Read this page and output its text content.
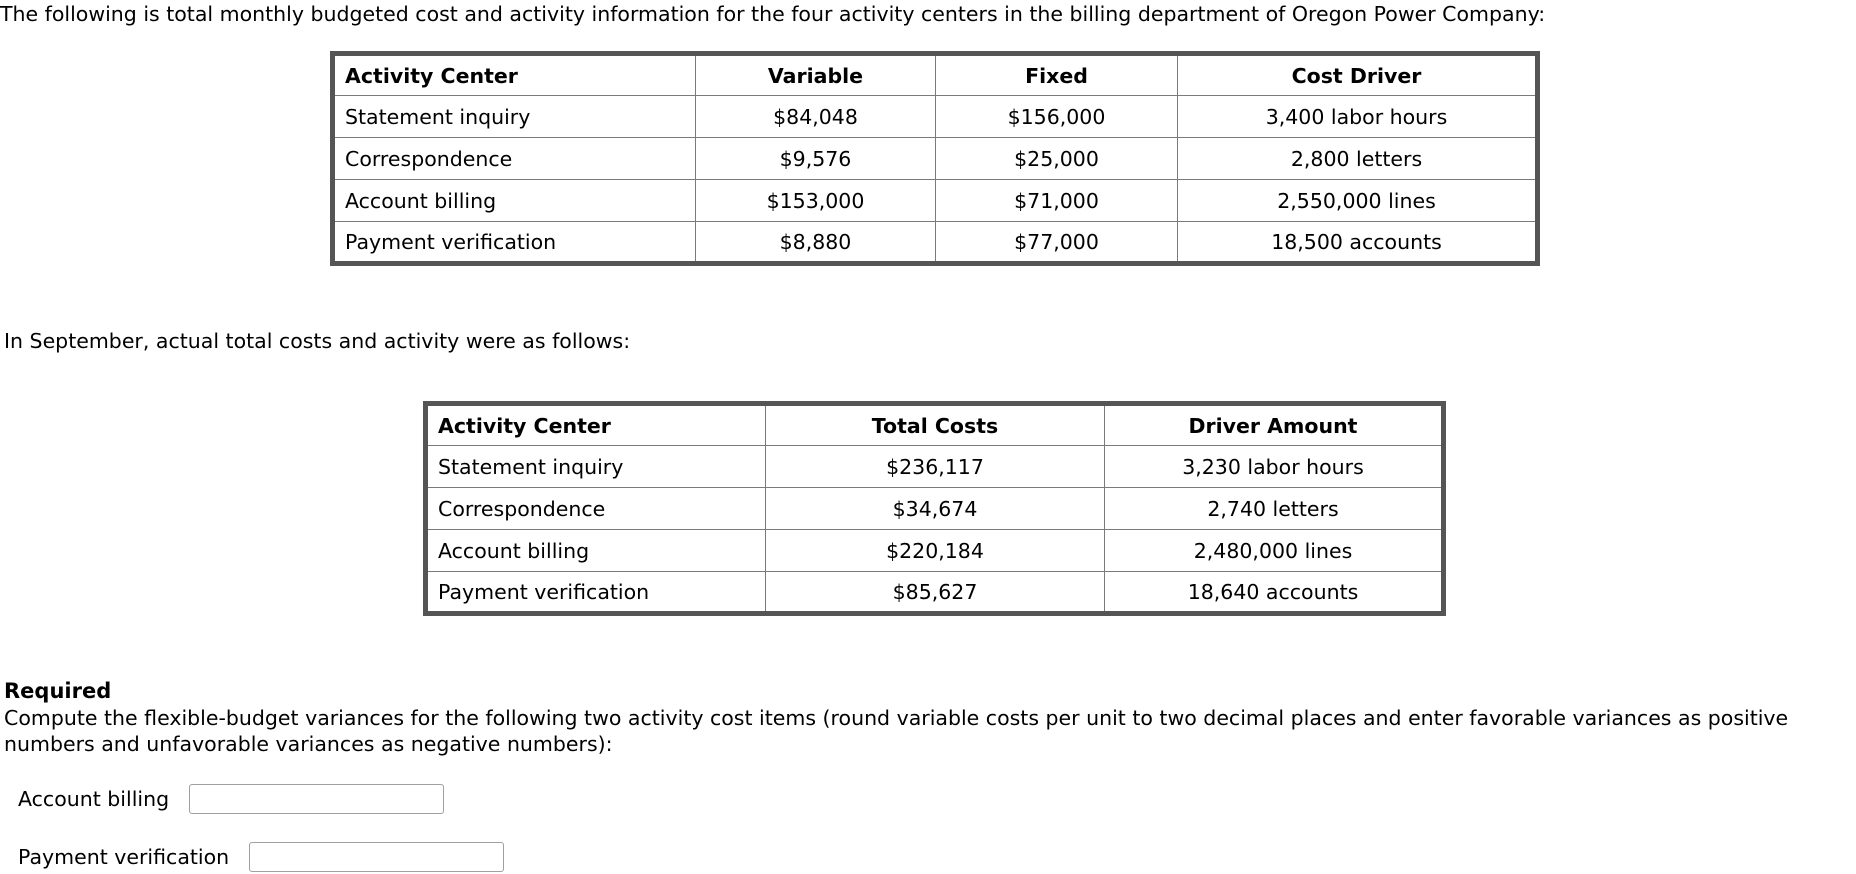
The following is total monthly budgeted cost and activity information for the four activity centers in the billing department of Oregon Power Company:
Activity Center	Variable	Fixed	Cost Driver
Statement inquiry	$84,048	$156,000	3,400 labor hours
Correspondence	$9,576	$25,000	2,800 letters
Account billing	$153,000	$71,000	2,550,000 lines
Payment verification	$8,880	$77,000	18,500 accounts
In September, actual total costs and activity were as follows:
Activity Center	Total Costs	Driver Amount
Statement inquiry	$236,117	3,230 labor hours
Correspondence	$34,674	2,740 letters
Account billing	$220,184	2,480,000 lines
Payment verification	$85,627	18,640 accounts
Required
Compute the flexible-budget variances for the following two activity cost items (round variable costs per unit to two decimal places and enter favorable variances as positive numbers and unfavorable variances as negative numbers):
Account billing
Payment verification
